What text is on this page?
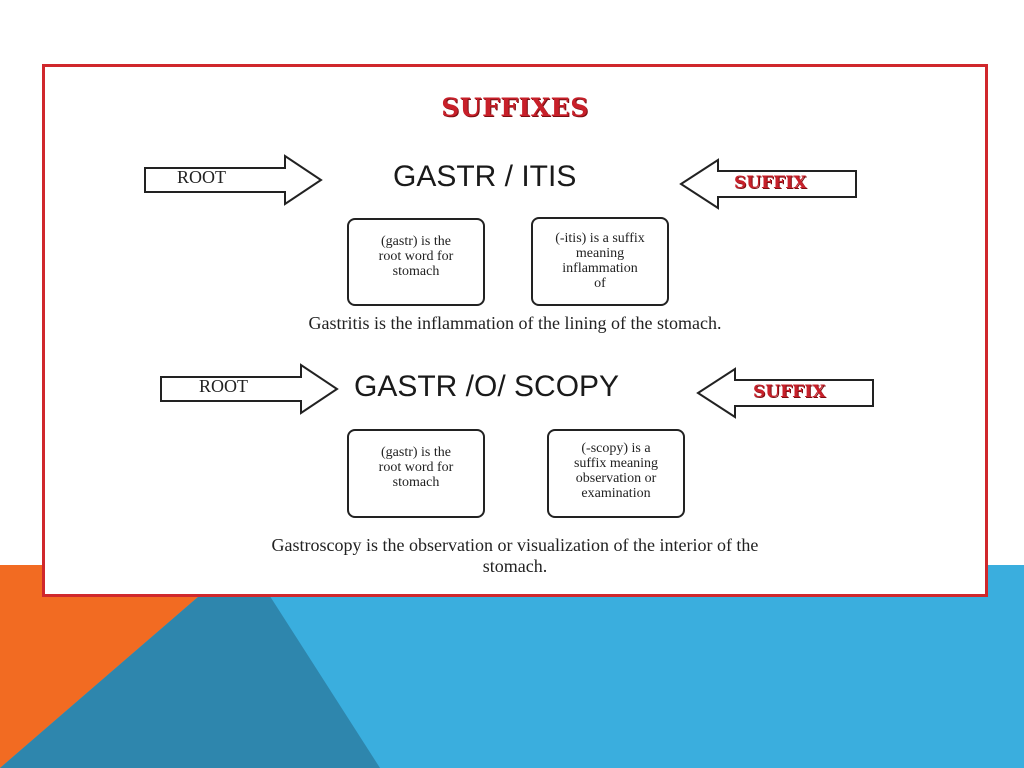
SUFFIXES
ROOT	GASTR / ITIS	SUFFIX
(gastr) is the
root word for
stomach
(-itis) is a suffix
meaning
inflammation
of
Gastritis is the inflammation of the lining of the stomach.
ROOT	GASTR /O/ SCOPY	SUFFIX
(gastr) is the
root word for
stomach
(-scopy) is a
suffix meaning
observation or
examination
Gastroscopy is the observation or visualization of the interior of the
stomach.
